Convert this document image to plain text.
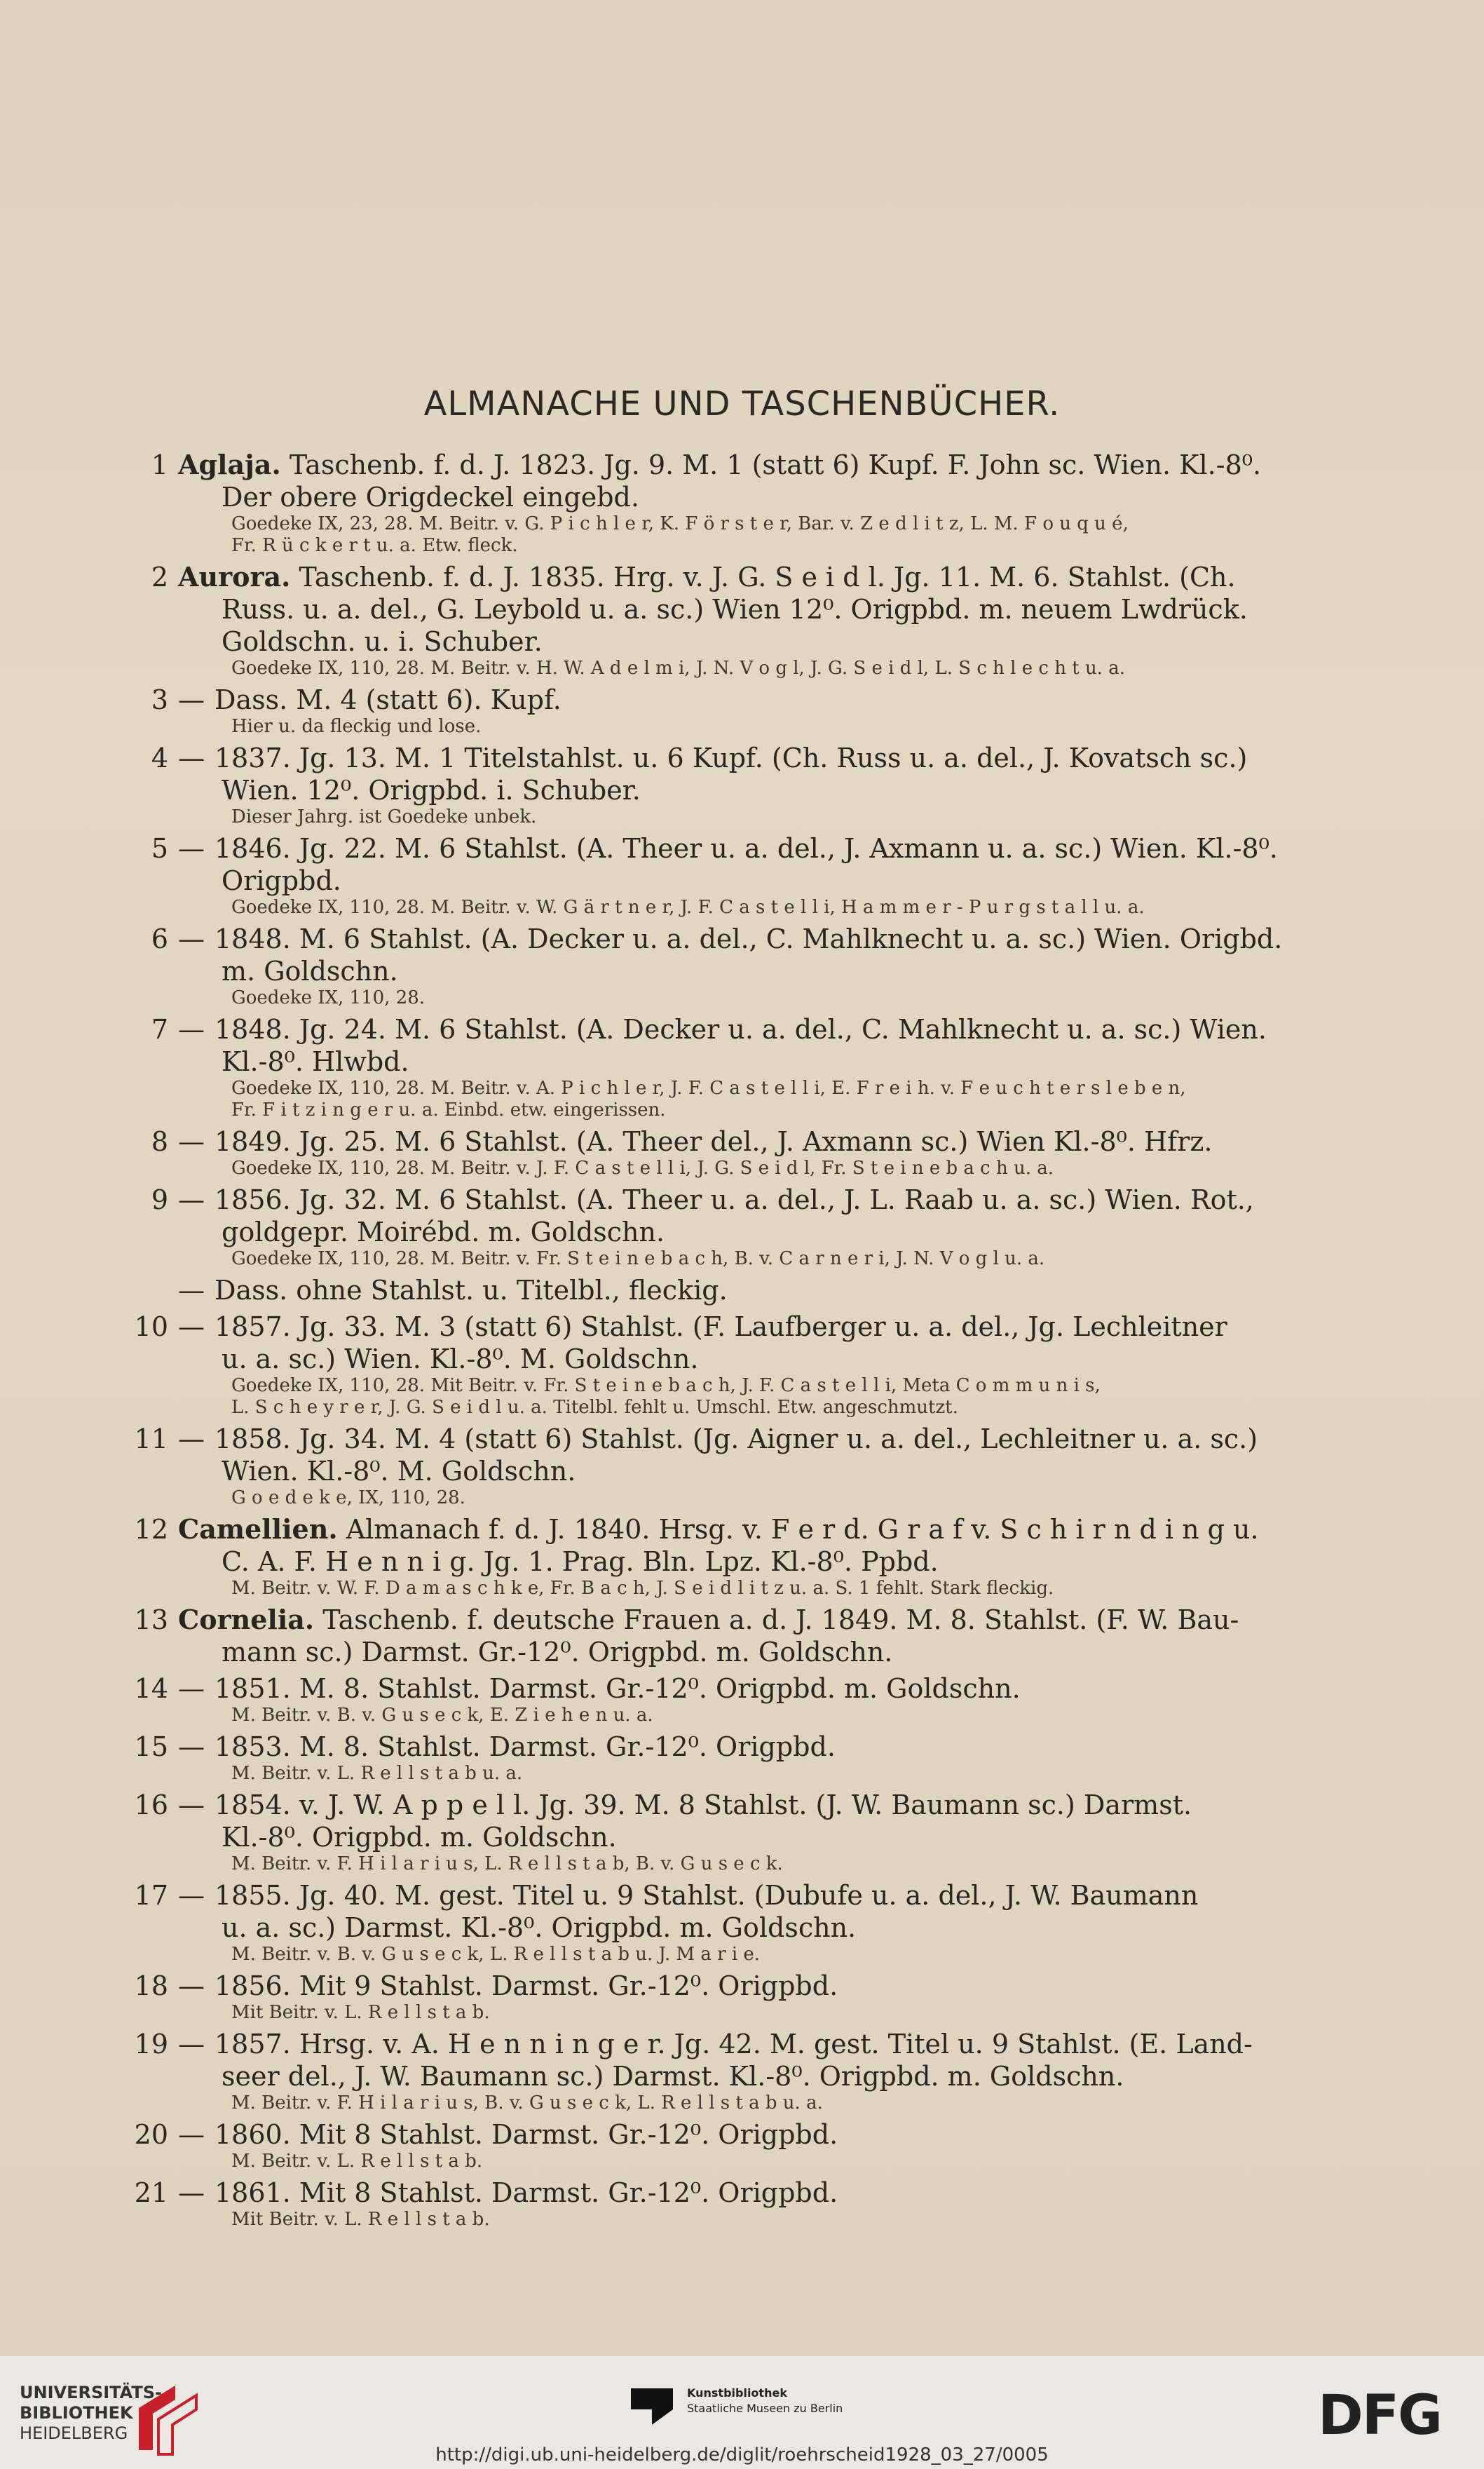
ALMANACHE UND TASCHENBÜCHER.
1 Aglaja. Taschenb. f. d. J. 1823. Jg. 9. M. 1 (statt 6) Kupf. F. John sc. Wien. Kl.-8⁰.
Der obere Origdeckel eingebd.
Goedeke IX, 23, 28. M. Beitr. v. G. P i c h l e r, K. F ö r s t e r, Bar. v. Z e d l i t z, L. M. F o u q u é,
Fr. R ü c k e r t u. a. Etw. fleck.
2 Aurora. Taschenb. f. d. J. 1835. Hrg. v. J. G. S e i d l. Jg. 11. M. 6. Stahlst. (Ch.
Russ. u. a. del., G. Leybold u. a. sc.) Wien 12⁰. Origpbd. m. neuem Lwdrück.
Goldschn. u. i. Schuber.
Goedeke IX, 110, 28. M. Beitr. v. H. W. A d e l m i, J. N. V o g l, J. G. S e i d l, L. S c h l e c h t u. a.
3 — Dass. M. 4 (statt 6). Kupf.
Hier u. da fleckig und lose.
4 — 1837. Jg. 13. M. 1 Titelstahlst. u. 6 Kupf. (Ch. Russ u. a. del., J. Kovatsch sc.)
Wien. 12⁰. Origpbd. i. Schuber.
Dieser Jahrg. ist Goedeke unbek.
5 — 1846. Jg. 22. M. 6 Stahlst. (A. Theer u. a. del., J. Axmann u. a. sc.) Wien. Kl.-8⁰.
Origpbd.
Goedeke IX, 110, 28. M. Beitr. v. W. G ä r t n e r, J. F. C a s t e l l i, H a m m e r - P u r g s t a l l u. a.
6 — 1848. M. 6 Stahlst. (A. Decker u. a. del., C. Mahlknecht u. a. sc.) Wien. Origbd.
m. Goldschn.
Goedeke IX, 110, 28.
7 — 1848. Jg. 24. M. 6 Stahlst. (A. Decker u. a. del., C. Mahlknecht u. a. sc.) Wien.
Kl.-8⁰. Hlwbd.
Goedeke IX, 110, 28. M. Beitr. v. A. P i c h l e r, J. F. C a s t e l l i, E. F r e i h. v. F e u c h t e r s l e b e n,
Fr. F i t z i n g e r u. a. Einbd. etw. eingerissen.
8 — 1849. Jg. 25. M. 6 Stahlst. (A. Theer del., J. Axmann sc.) Wien Kl.-8⁰. Hfrz.
Goedeke IX, 110, 28. M. Beitr. v. J. F. C a s t e l l i, J. G. S e i d l, Fr. S t e i n e b a c h u. a.
9 — 1856. Jg. 32. M. 6 Stahlst. (A. Theer u. a. del., J. L. Raab u. a. sc.) Wien. Rot.,
goldgepr. Moirébd. m. Goldschn.
Goedeke IX, 110, 28. M. Beitr. v. Fr. S t e i n e b a c h, B. v. C a r n e r i, J. N. V o g l u. a.
— Dass. ohne Stahlst. u. Titelbl., fleckig.
10 — 1857. Jg. 33. M. 3 (statt 6) Stahlst. (F. Laufberger u. a. del., Jg. Lechleitner
u. a. sc.) Wien. Kl.-8⁰. M. Goldschn.
Goedeke IX, 110, 28. Mit Beitr. v. Fr. S t e i n e b a c h, J. F. C a s t e l l i, Meta C o m m u n i s,
L. S c h e y r e r, J. G. S e i d l u. a. Titelbl. fehlt u. Umschl. Etw. angeschmutzt.
11 — 1858. Jg. 34. M. 4 (statt 6) Stahlst. (Jg. Aigner u. a. del., Lechleitner u. a. sc.)
Wien. Kl.-8⁰. M. Goldschn.
G o e d e k e, IX, 110, 28.
12 Camellien. Almanach f. d. J. 1840. Hrsg. v. F e r d. G r a f v. S c h i r n d i n g u.
C. A. F. H e n n i g. Jg. 1. Prag. Bln. Lpz. Kl.-8⁰. Ppbd.
M. Beitr. v. W. F. D a m a s c h k e, Fr. B a c h, J. S e i d l i t z u. a. S. 1 fehlt. Stark fleckig.
13 Cornelia. Taschenb. f. deutsche Frauen a. d. J. 1849. M. 8. Stahlst. (F. W. Bau-
mann sc.) Darmst. Gr.-12⁰. Origpbd. m. Goldschn.
14 — 1851. M. 8. Stahlst. Darmst. Gr.-12⁰. Origpbd. m. Goldschn.
M. Beitr. v. B. v. G u s e c k, E. Z i e h e n u. a.
15 — 1853. M. 8. Stahlst. Darmst. Gr.-12⁰. Origpbd.
M. Beitr. v. L. R e l l s t a b u. a.
16 — 1854. v. J. W. A p p e l l. Jg. 39. M. 8 Stahlst. (J. W. Baumann sc.) Darmst.
Kl.-8⁰. Origpbd. m. Goldschn.
M. Beitr. v. F. H i l a r i u s, L. R e l l s t a b, B. v. G u s e c k.
17 — 1855. Jg. 40. M. gest. Titel u. 9 Stahlst. (Dubufe u. a. del., J. W. Baumann
u. a. sc.) Darmst. Kl.-8⁰. Origpbd. m. Goldschn.
M. Beitr. v. B. v. G u s e c k, L. R e l l s t a b u. J. M a r i e.
18 — 1856. Mit 9 Stahlst. Darmst. Gr.-12⁰. Origpbd.
Mit Beitr. v. L. R e l l s t a b.
19 — 1857. Hrsg. v. A. H e n n i n g e r. Jg. 42. M. gest. Titel u. 9 Stahlst. (E. Land-
seer del., J. W. Baumann sc.) Darmst. Kl.-8⁰. Origpbd. m. Goldschn.
M. Beitr. v. F. H i l a r i u s, B. v. G u s e c k, L. R e l l s t a b u. a.
20 — 1860. Mit 8 Stahlst. Darmst. Gr.-12⁰. Origpbd.
M. Beitr. v. L. R e l l s t a b.
21 — 1861. Mit 8 Stahlst. Darmst. Gr.-12⁰. Origpbd.
Mit Beitr. v. L. R e l l s t a b.
UNIVERSITÄTS-
BIBLIOTHEK
HEIDELBERG
Kunstbibliothek
Staatliche Museen zu Berlin	DFG
http://digi.ub.uni-heidelberg.de/diglit/roehrscheid1928_03_27/0005
